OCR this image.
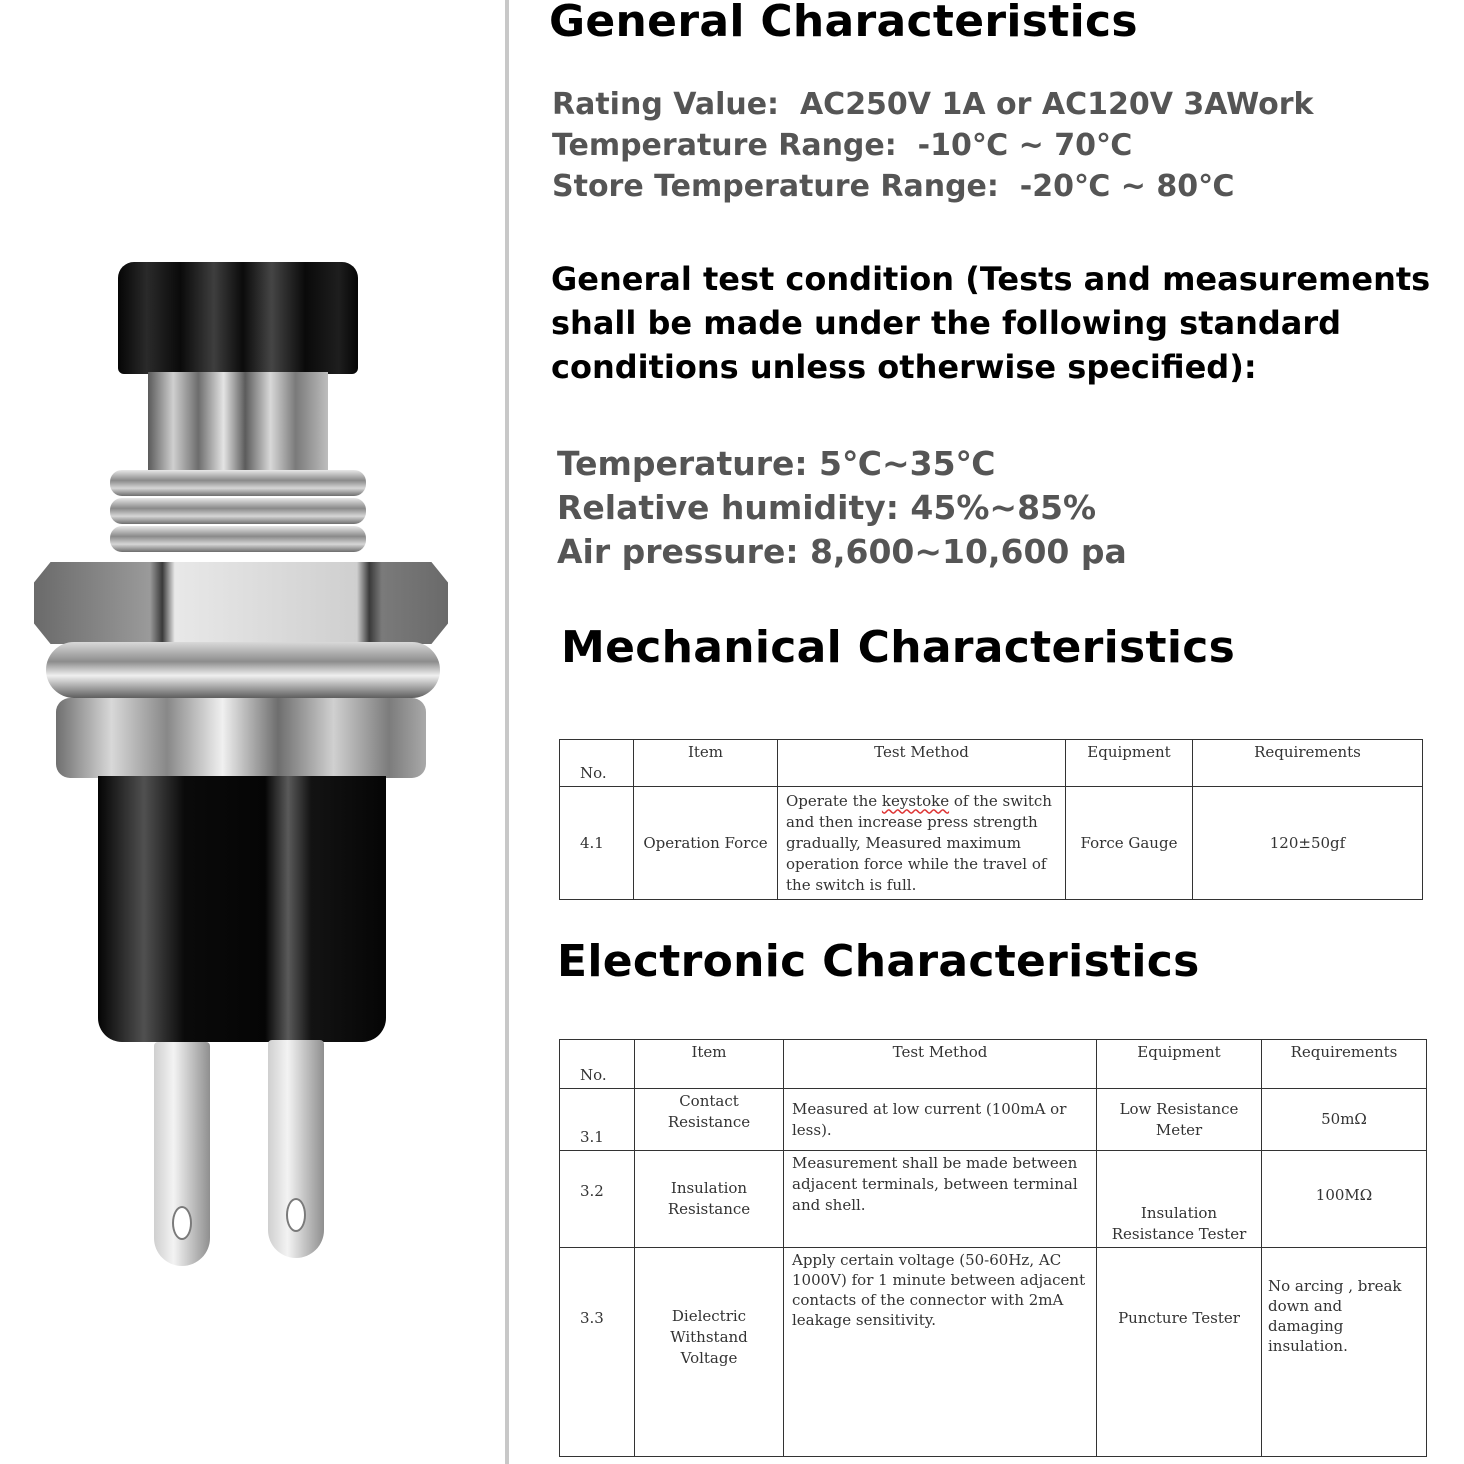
General Characteristics
Rating Value: AC250V 1A or AC120V 3AWork
Temperature Range: -10℃ ~ 70℃
Store Temperature Range: -20℃ ~ 80℃
General test condition (Tests and measurements shall be made under the following standard conditions unless otherwise specified):
Temperature: 5℃~35℃
Relative humidity: 45%~85%
Air pressure: 8,600~10,600 pa
Mechanical Characteristics
No.	Item	Test Method	Equipment	Requirements
4.1	Operation Force	Operate the keystoke of the switch and then increase press strength gradually, Measured maximum operation force while the travel of the switch is full.	Force Gauge	120±50gf
Electronic Characteristics
No.	Item	Test Method	Equipment	Requirements
3.1	Contact Resistance	Measured at low current (100mA or less).	Low Resistance Meter	50mΩ
3.2	Insulation Resistance	Measurement shall be made between adjacent terminals, between terminal and shell.	Insulation Resistance Tester	100MΩ
3.3	Dielectric Withstand Voltage	Apply certain voltage (50-60Hz, AC 1000V) for 1 minute between adjacent contacts of the connector with 2mA leakage sensitivity.	Puncture Tester	No arcing , break down and damaging insulation.
